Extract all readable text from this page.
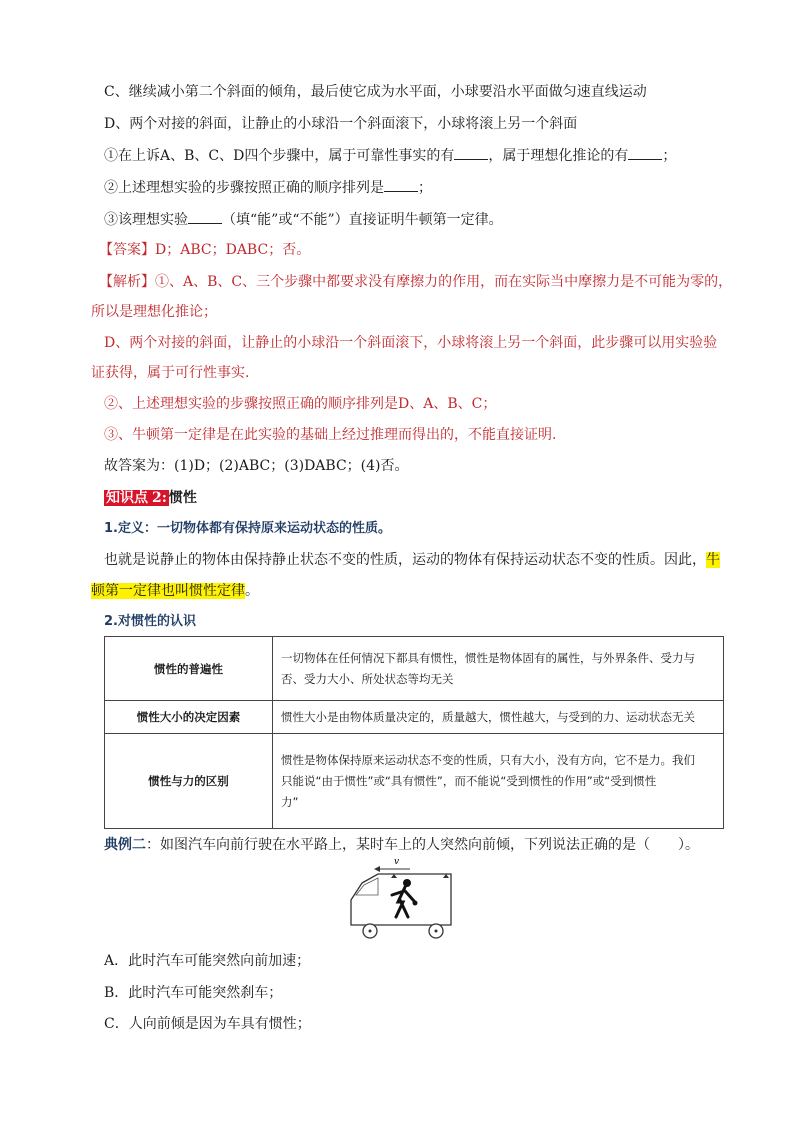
C、继续减小第二个斜面的倾角，最后使它成为水平面，小球要沿水平面做匀速直线运动
D、两个对接的斜面，让静止的小球沿一个斜面滚下，小球将滚上另一个斜面
①在上诉A、B、C、D四个步骤中，属于可靠性事实的有 ，属于理想化推论的有 ；
②上述理想实验的步骤按照正确的顺序排列是 ；
③该理想实验 （填“能”或“不能”）直接证明牛顿第一定律。
【答案】D；ABC；DABC；否。
【解析】①、A、B、C、三个步骤中都要求没有摩擦力的作用，而在实际当中摩擦力是不可能为零的，
所以是理想化推论；
D、两个对接的斜面，让静止的小球沿一个斜面滚下，小球将滚上另一个斜面，此步骤可以用实验验
证获得，属于可行性事实.
②、上述理想实验的步骤按照正确的顺序排列是D、A、B、C；
③、牛顿第一定律是在此实验的基础上经过推理而得出的，不能直接证明.
故答案为：(1)D；(2)ABC；(3)DABC；(4)否。
知识点 2: 惯性
1.定义：一切物体都有保持原来运动状态的性质。
也就是说静止的物体由保持静止状态不变的性质，运动的物体有保持运动状态不变的性质。因此，牛
顿第一定律也叫惯性定律。
2.对惯性的认识
惯性的普遍性	一切物体在任何情况下都具有惯性，惯性是物体固有的属性，与外界条件、受力与
否、受力大小、所处状态等均无关

惯性大小的决定因素	惯性大小是由物体质量决定的，质量越大，惯性越大，与受到的力、运动状态无关

惯性与力的区别	惯性是物体保持原来运动状态不变的性质，只有大小，没有方向，它不是力。我们
只能说“由于惯性”或“具有惯性”，而不能说“受到惯性的作用”或“受到惯性
力”
典例二：如图汽车向前行驶在水平路上，某时车上的人突然向前倾，下列说法正确的是（　　）。
v
A．此时汽车可能突然向前加速；
B．此时汽车可能突然刹车；
C．人向前倾是因为车具有惯性；
